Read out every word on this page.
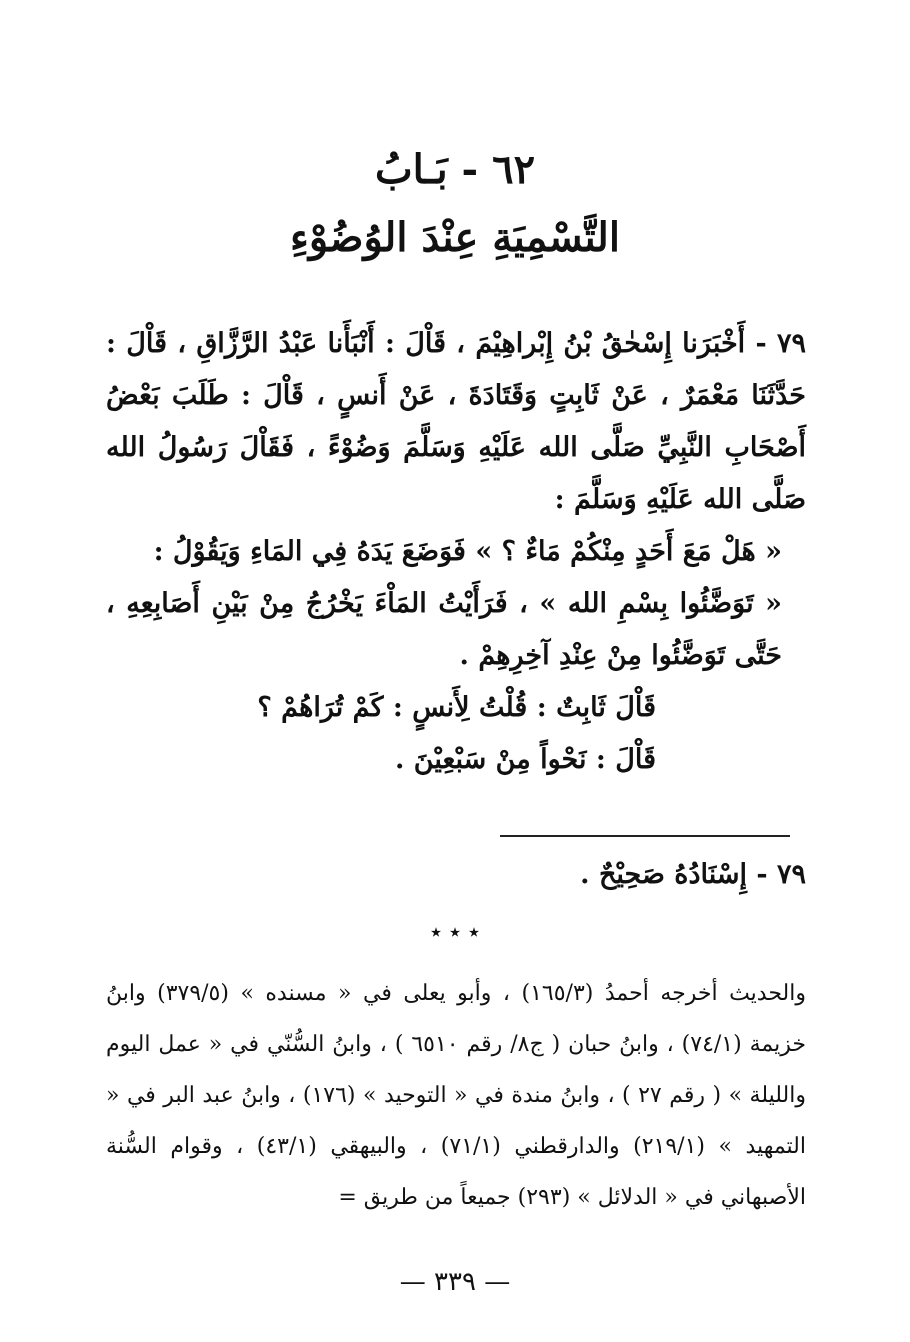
٦٢ - بَـابُ
التَّسْمِيَةِ عِنْدَ الوُضُوْءِ

٧٩ - أَخْبَرَنا إِسْحٰقُ بْنُ إِبْراهِيْمَ ، قَاْلَ : أَنْبَأَنا عَبْدُ الرَّزَّاقِ ، قَاْلَ : حَدَّثَنَا مَعْمَرٌ ، عَنْ ثَابِتٍ وَقَتَادَةَ ، عَنْ أَنسٍ ، قَاْلَ : طَلَبَ بَعْضُ أَصْحَابِ النَّبِيِّ صَلَّى الله عَلَيْهِ وَسَلَّمَ وَضُوْءً ، فَقَاْلَ رَسُولُ الله صَلَّى الله عَلَيْهِ وَسَلَّمَ :

« هَلْ مَعَ أَحَدٍ مِنْكُمْ مَاءٌ ؟ » فَوَضَعَ يَدَهُ فِي المَاءِ وَيَقُوْلُ :

« تَوَضَّئُوا بِسْمِ الله » ، فَرَأَيْتُ المَاْءَ يَخْرُجُ مِنْ بَيْنِ أَصَابِعِهِ ، حَتَّى تَوَضَّئُوا مِنْ عِنْدِ آخِرِهِمْ .

قَاْلَ ثَابِتٌ : قُلْتُ لِأَنسٍ : كَمْ تُرَاهُمْ ؟

قَاْلَ : نَحْواً مِنْ سَبْعِيْنَ .

٧٩ - إِسْنَادُهُ صَحِيْحٌ .
٭ ٭ ٭

والحديث أخرجه أحمدُ (١٦٥/٣) ، وأبو يعلى في « مسنده » (٣٧٩/٥) وابنُ خزيمة (٧٤/١) ، وابنُ حبان ( ج٨/ رقم ٦٥١٠ ) ، وابنُ السُّنّي في « عمل اليوم والليلة » ( رقم ٢٧ ) ، وابنُ مندة في « التوحيد » (١٧٦) ، وابنُ عبد البر في « التمهيد » (٢١٩/١) والدارقطني (٧١/١) ، والبيهقي (٤٣/١) ، وقوام السُّنة الأصبهاني في « الدلائل » (٢٩٣) جميعاً من طريق =

— ٣٣٩ —
